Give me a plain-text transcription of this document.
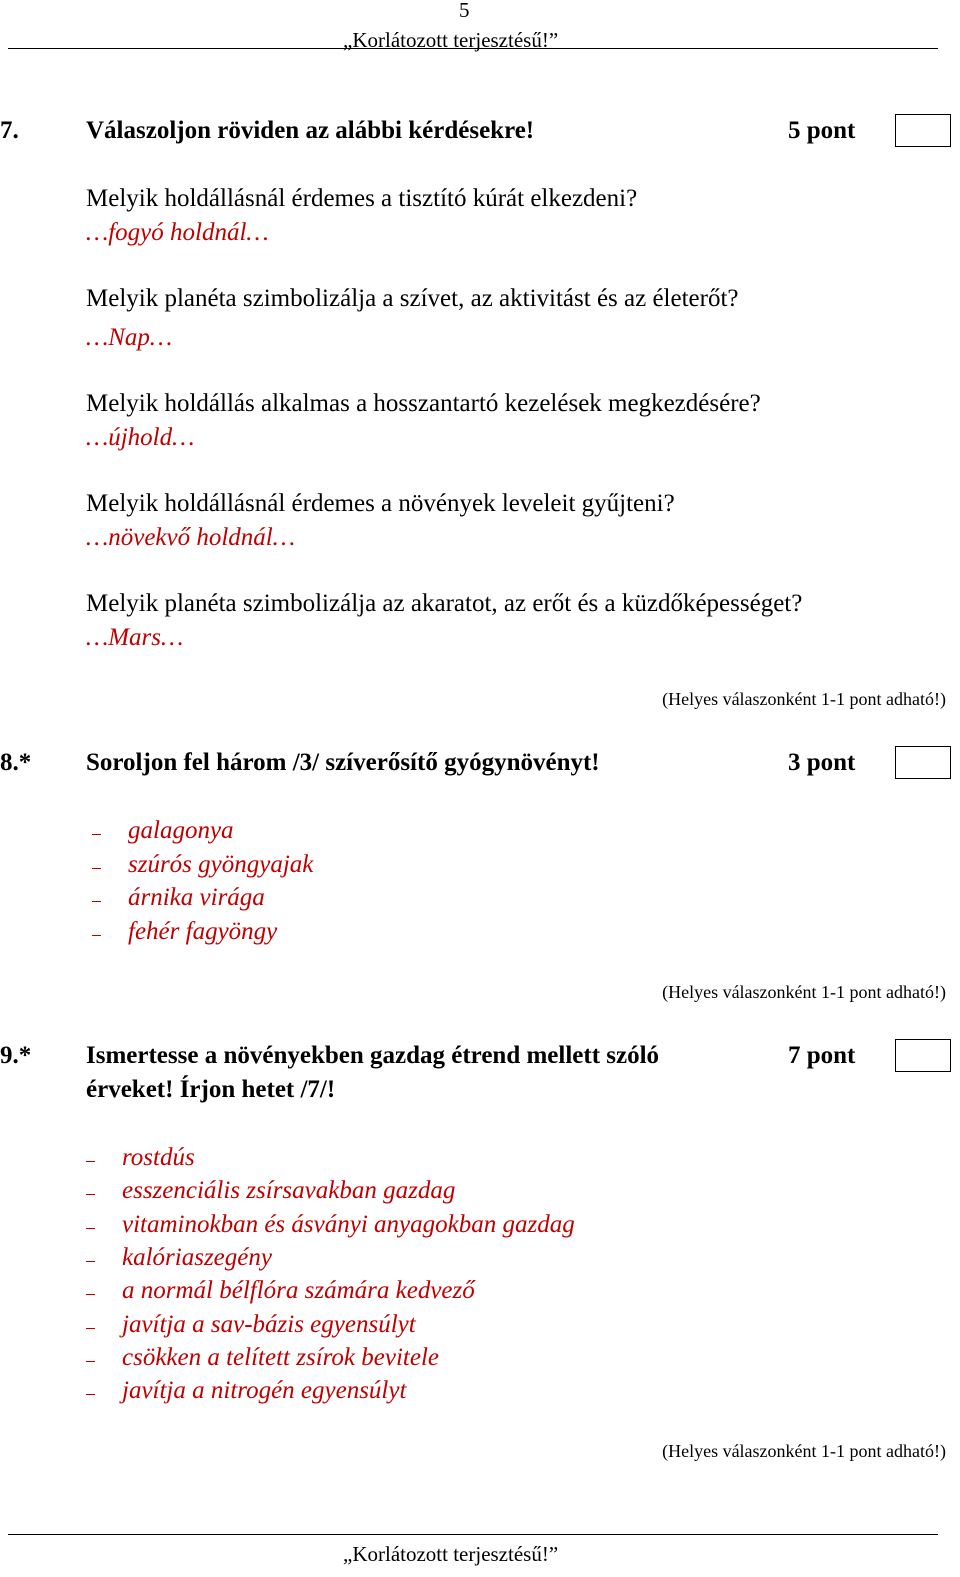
5
„Korlátozott terjesztésű!”
7.	Válaszoljon röviden az alábbi kérdésekre!	5 pont
Melyik holdállásnál érdemes a tisztító kúrát elkezdeni?
…fogyó holdnál…
Melyik planéta szimbolizálja a szívet, az aktivitást és az életerőt?
…Nap…
Melyik holdállás alkalmas a hosszantartó kezelések megkezdésére?
…újhold…
Melyik holdállásnál érdemes a növények leveleit gyűjteni?
…növekvő holdnál…
Melyik planéta szimbolizálja az akaratot, az erőt és a küzdőképességet?
…Mars…
(Helyes válaszonként 1-1 pont adható!)
8.* Soroljon fel három /3/ szíverősítő gyógynövényt!	3 pont
galagonya
szúrós gyöngyajak
árnika virága
fehér fagyöngy
(Helyes válaszonként 1-1 pont adható!)
9.* Ismertesse a növényekben gazdag étrend mellett szóló
érveket! Írjon hetet /7/!
7 pont
rostdús
esszenciális zsírsavakban gazdag
vitaminokban és ásványi anyagokban gazdag
kalóriaszegény
a normál bélflóra számára kedvező
javítja a sav-bázis egyensúlyt
csökken a telített zsírok bevitele
javítja a nitrogén egyensúlyt
(Helyes válaszonként 1-1 pont adható!)
„Korlátozott terjesztésű!”
